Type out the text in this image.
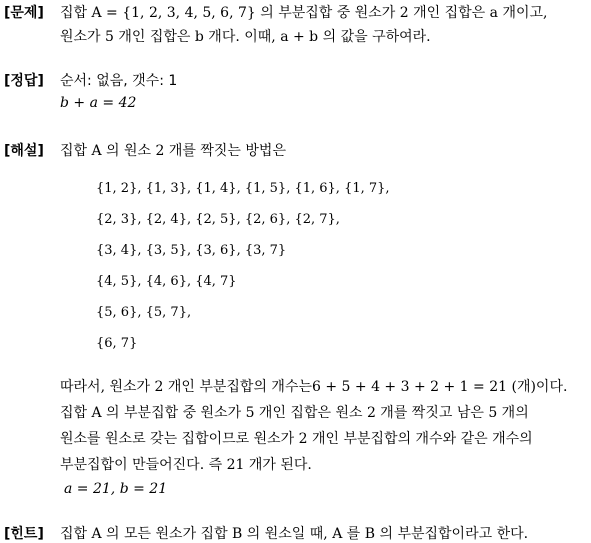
[문제] 집합 A = {1, 2, 3, 4, 5, 6, 7} 의 부분집합 중 원소가 2 개인 집합은 a 개이고,
원소가 5 개인 집합은 b 개다. 이때, a + b 의 값을 구하여라.
[정답] 순서: 없음, 갯수: 1
b + a = 42
[해설] 집합 A 의 원소 2 개를 짝짓는 방법은
{1, 2}, {1, 3}, {1, 4}, {1, 5}, {1, 6}, {1, 7},
{2, 3}, {2, 4}, {2, 5}, {2, 6}, {2, 7},
{3, 4}, {3, 5}, {3, 6}, {3, 7}
{4, 5}, {4, 6}, {4, 7}
{5, 6}, {5, 7},
{6, 7}
따라서, 원소가 2 개인 부분집합의 개수는6 + 5 + 4 + 3 + 2 + 1 = 21 (개)이다.
집합 A 의 부분집합 중 원소가 5 개인 집합은 원소 2 개를 짝짓고 남은 5 개의
원소를 원소로 갖는 집합이므로 원소가 2 개인 부분집합의 개수와 같은 개수의
부분집합이 만들어진다. 즉 21 개가 된다.
a = 21, b = 21
[힌트] 집합 A 의 모든 원소가 집합 B 의 원소일 때, A 를 B 의 부분집합이라고 한다.
